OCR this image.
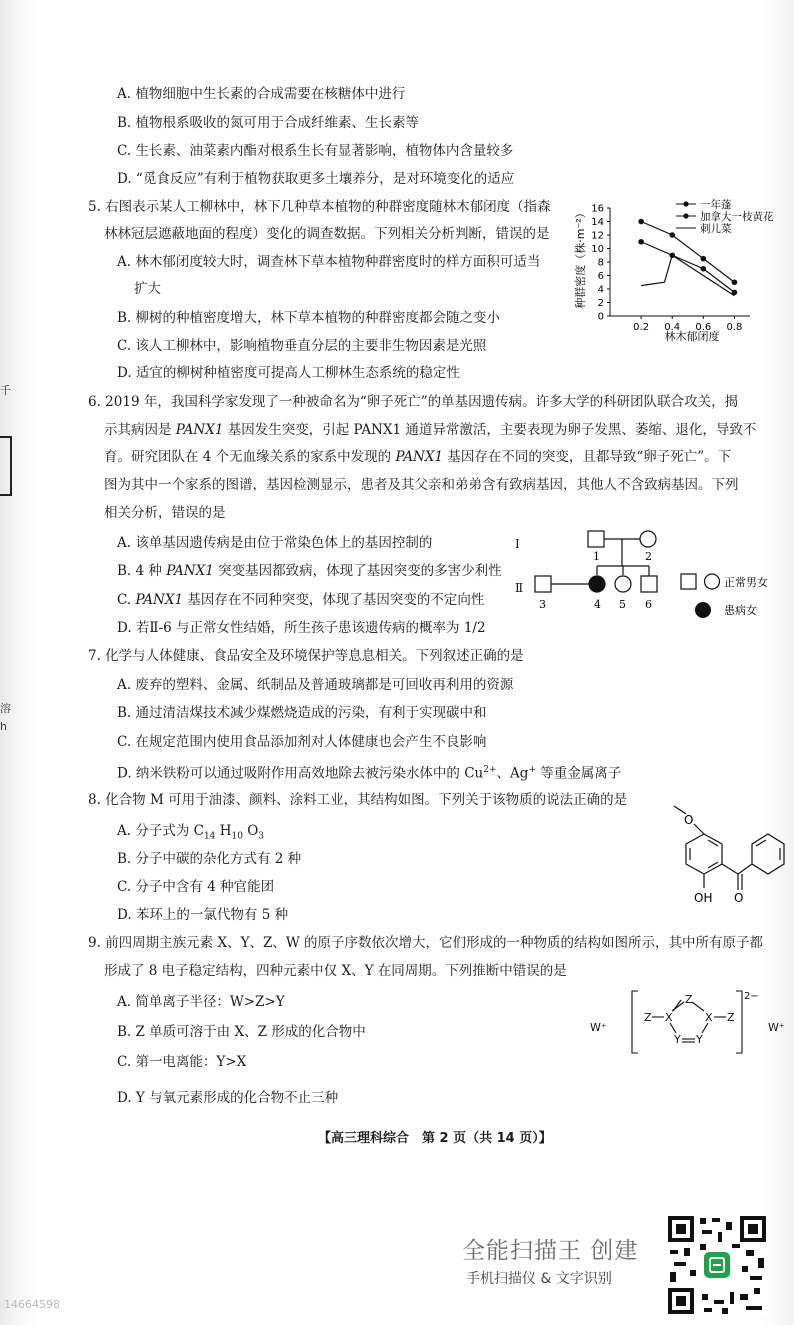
千
溶
h
A. 植物细胞中生长素的合成需要在核糖体中进行
B. 植物根系吸收的氮可用于合成纤维素、生长素等
C. 生长素、油菜素内酯对根系生长有显著影响，植物体内含量较多
D. “觅食反应”有利于植物获取更多土壤养分，是对环境变化的适应
5. 右图表示某人工柳林中，林下几种草本植物的种群密度随林木郁闭度（指森
林林冠层遮蔽地面的程度）变化的调查数据。下列相关分析判断，错误的是
A. 林木郁闭度较大时，调查林下草本植物种群密度时的样方面积可适当
扩大
B. 柳树的种植密度增大，林下草本植物的种群密度都会随之变小
C. 该人工柳林中，影响植物垂直分层的主要非生物因素是光照
D. 适宜的柳树种植密度可提高人工柳林生态系统的稳定性
种群密度（株·m⁻²）
0
2
4
6
8
10
12
14
16
0.2 0.4 0.6 0.8
林木郁闭度
一年蓬
加拿大一枝黄花
刺儿菜
6. 2019 年，我国科学家发现了一种被命名为“卵子死亡”的单基因遗传病。许多大学的科研团队联合攻关，揭
示其病因是 PANX1 基因发生突变，引起 PANX1 通道异常激活，主要表现为卵子发黑、萎缩、退化，导致不
育。研究团队在 4 个无血缘关系的家系中发现的 PANX1 基因存在不同的突变，且都导致“卵子死亡”。下
图为其中一个家系的图谱，基因检测显示，患者及其父亲和弟弟含有致病基因，其他人不含致病基因。下列
相关分析，错误的是
A. 该单基因遗传病是由位于常染色体上的基因控制的
B. 4 种 PANX1 突变基因都致病，体现了基因突变的多害少利性
C. PANX1 基因存在不同种突变，体现了基因突变的不定向性
D. 若Ⅱ-6 与正常女性结婚，所生孩子患该遗传病的概率为 1/2
Ⅰ
Ⅱ
1	2
3	4 5 6
正常男女
患病女
7. 化学与人体健康、食品安全及环境保护等息息相关。下列叙述正确的是
A. 废弃的塑料、金属、纸制品及普通玻璃都是可回收再利用的资源
B. 通过清洁煤技术减少煤燃烧造成的污染，有利于实现碳中和
C. 在规定范围内使用食品添加剂对人体健康也会产生不良影响
D. 纳米铁粉可以通过吸附作用高效地除去被污染水体中的 $Cu^{2+}$、Ag+ 等重金属离子
8. 化合物 M 可用于油漆、颜料、涂料工业，其结构如图。下列关于该物质的说法正确的是
A. 分子式为 $C_{14}$ $H_{10}$ $O_3$
B. 分子中碳的杂化方式有 2 种
C. 分子中含有 4 种官能团
D. 苯环上的一氯代物有 5 种
O
O
OH
9. 前四周期主族元素 X、Y、Z、W 的原子序数依次增大，它们形成的一种物质的结构如图所示，其中所有原子都
形成了 8 电子稳定结构，四种元素中仅 X、Y 在同周期。下列推断中错误的是
A. 简单离子半径：W>Z>Y
B. Z 单质可溶于由 X、Z 形成的化合物中
C. 第一电离能：Y>X
D. Y 与氧元素形成的化合物不止三种
W⁺	W⁺
2−
Z X
Z
X Z
Y Y
【高三理科综合　第 2 页（共 14 页）】
全能扫描王 创建
手机扫描仪 & 文字识别
14664598
